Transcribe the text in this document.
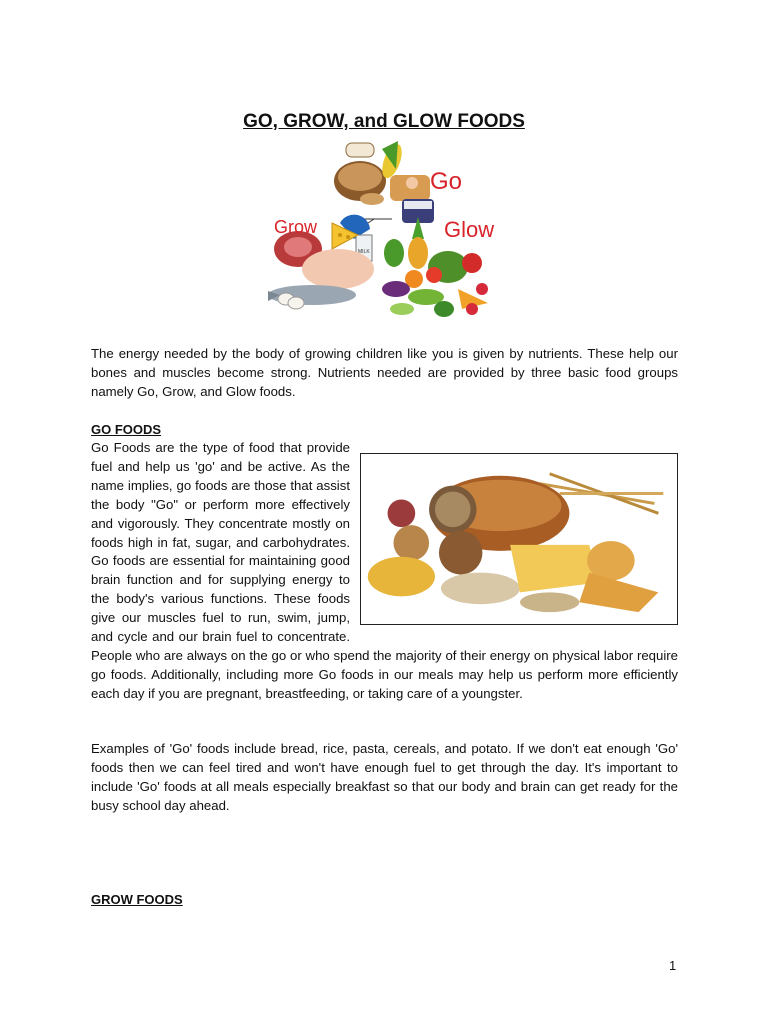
GO, GROW, and GLOW FOODS
Go
MILK
Grow	Glow

The energy needed by the body of growing children like you is given by nutrients. These help our bones and muscles become strong. Nutrients needed are provided by three basic food groups namely Go, Grow, and Glow foods.

GO FOODS
Go Foods are the type of food that provide fuel and help us 'go' and be active. As the name implies, go foods are those that assist the body "Go" or perform more effectively and vigorously. They concentrate mostly on foods high in fat, sugar, and carbohydrates. Go foods are essential for maintaining good brain function and for supplying energy to the body's various functions. These foods give our muscles fuel to run, swim, jump, and cycle and our brain fuel to concentrate. People who are always on the go or who spend the majority of their energy on physical labor require go foods. Additionally, including more Go foods in our meals may help us perform more efficiently each day if you are pregnant, breastfeeding, or taking care of a youngster.

Examples of 'Go' foods include bread, rice, pasta, cereals, and potato. If we don't eat enough 'Go' foods then we can feel tired and won't have enough fuel to get through the day. It's important to include 'Go' foods at all meals especially breakfast so that our body and brain can get ready for the busy school day ahead.

GROW FOODS
1
